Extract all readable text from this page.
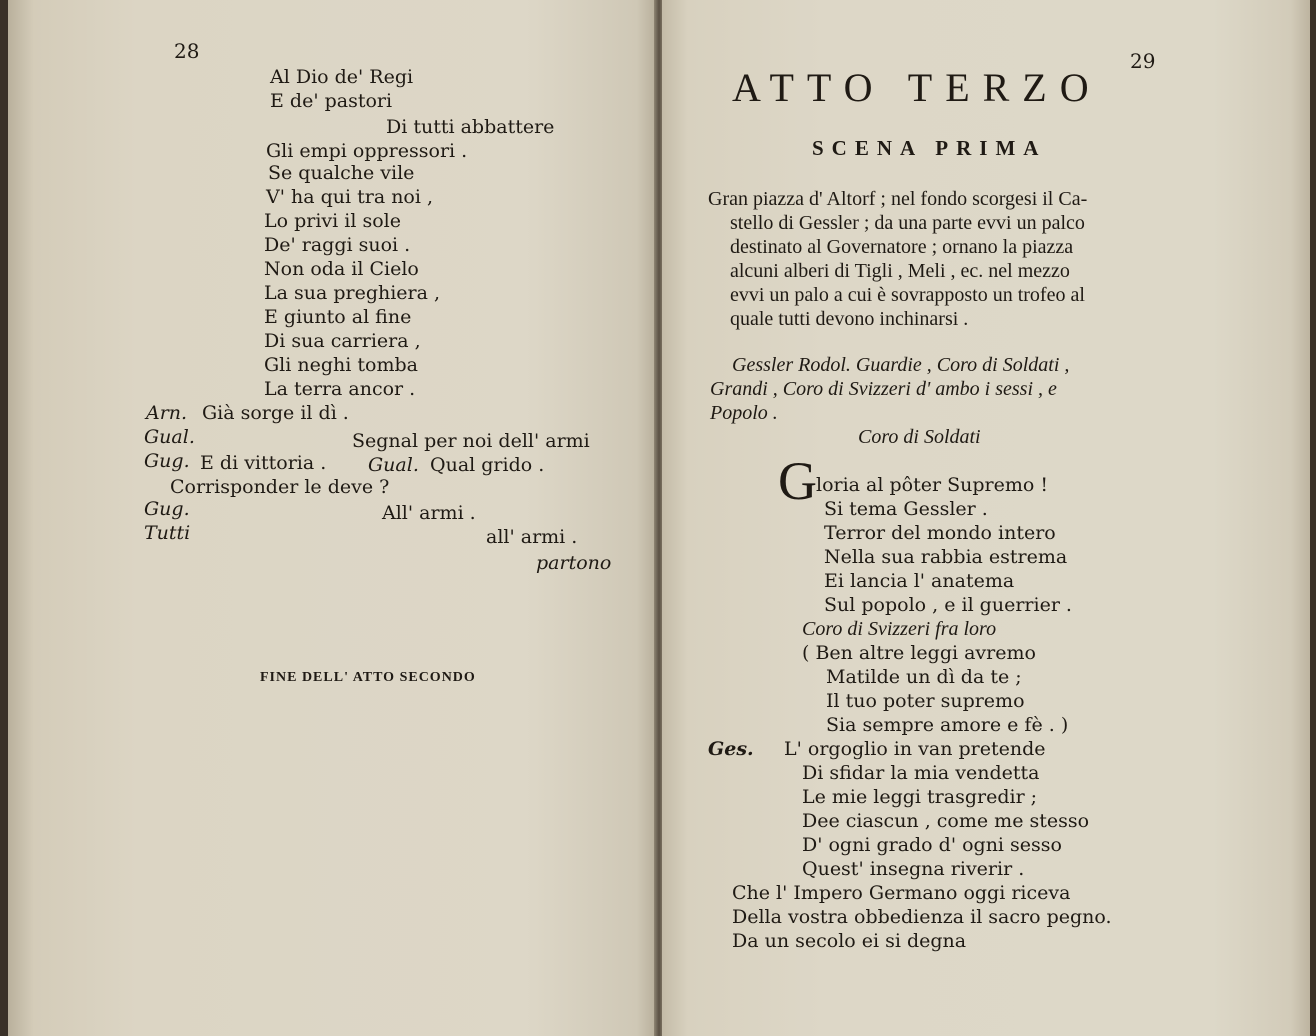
28
Al Dio de' Regi
E de' pastori
Di tutti abbattere
Gli empi oppressori .
Se qualche vile
V' ha qui tra noi ,
Lo privi il sole
De' raggi suoi .
Non oda il Cielo
La sua preghiera ,
E giunto al fine
Di sua carriera ,
Gli neghi tomba
La terra ancor .
Arn. Già sorge il dì .
Gual.	Segnal per noi dell' armi
Gug. E di vittoria . Gual. Qual grido .
Corrisponder le deve ?
Gug.	All' armi .
Tutti	all' armi .
partono
FINE DELL' ATTO SECONDO
29
ATTO TERZO
SCENA PRIMA
Gran piazza d' Altorf ; nel fondo scorgesi il Ca-
stello di Gessler ; da una parte evvi un palco
destinato al Governatore ; ornano la piazza
alcuni alberi di Tigli , Meli , ec. nel mezzo
evvi un palo a cui è sovrapposto un trofeo al
quale tutti devono inchinarsi .
Gessler Rodol. Guardie , Coro di Soldati ,
Grandi , Coro di Svizzeri d' ambo i sessi , e
Popolo .
Coro di Soldati
G loria al pôter Supremo !
Si tema Gessler .
Terror del mondo intero
Nella sua rabbia estrema
Ei lancia l' anatema
Sul popolo , e il guerrier .
Coro di Svizzeri fra loro
( Ben altre leggi avremo
Matilde un dì da te ;
Il tuo poter supremo
Sia sempre amore e fè . )
Ges. L' orgoglio in van pretende
Di sfidar la mia vendetta
Le mie leggi trasgredir ;
Dee ciascun , come me stesso
D' ogni grado d' ogni sesso
Quest' insegna riverir .
Che l' Impero Germano oggi riceva
Della vostra obbedienza il sacro pegno.
Da un secolo ei si degna
